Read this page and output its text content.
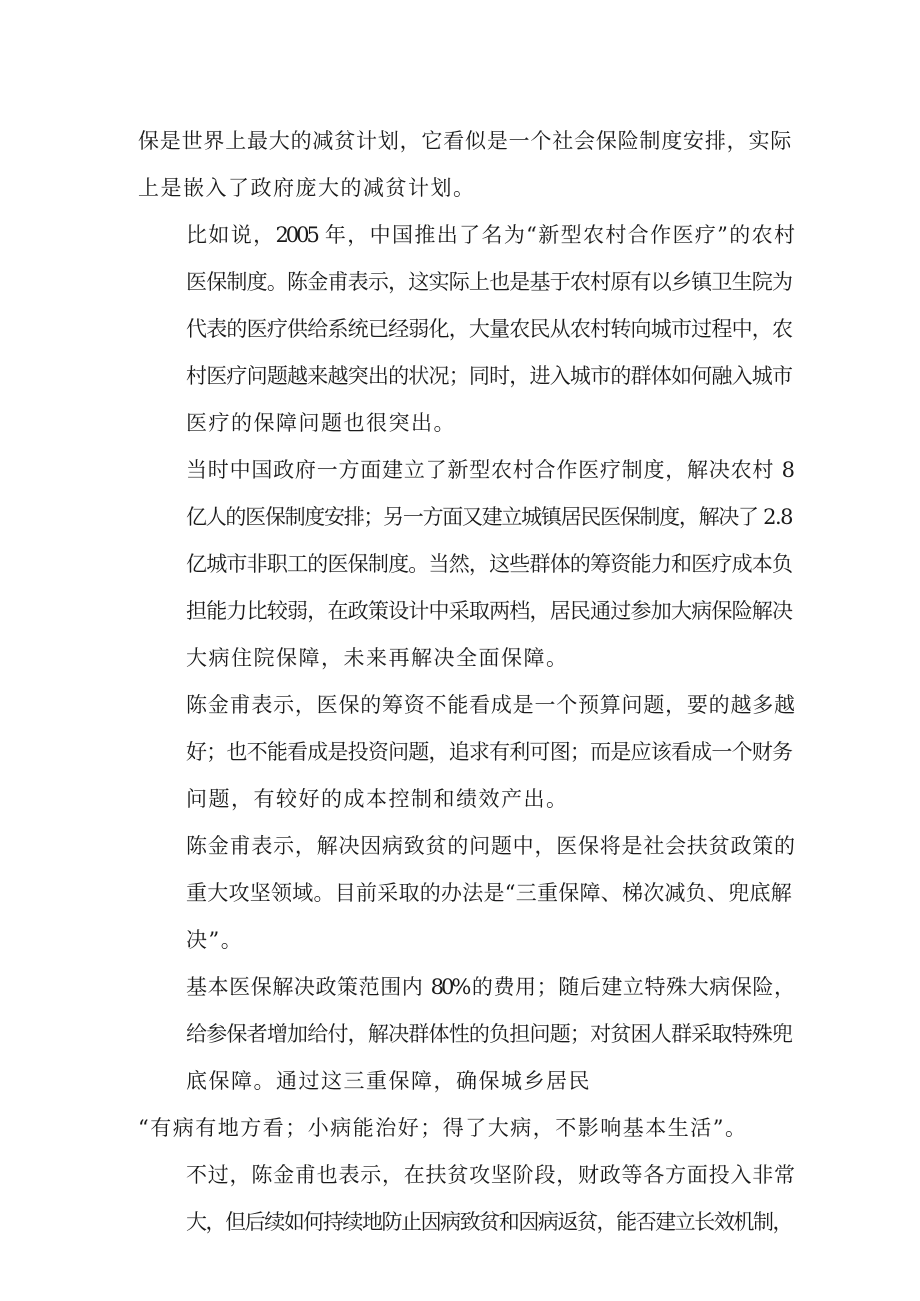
保是世界上最大的减贫计划，它看似是一个社会保险制度安排，实际
上是嵌入了政府庞大的减贫计划。

比如说，2005 年，中国推出了名为“新型农村合作医疗”的农村
医保制度。陈金甫表示，这实际上也是基于农村原有以乡镇卫生院为
代表的医疗供给系统已经弱化，大量农民从农村转向城市过程中，农
村医疗问题越来越突出的状况；同时，进入城市的群体如何融入城市
医疗的保障问题也很突出。

当时中国政府一方面建立了新型农村合作医疗制度，解决农村 8
亿人的医保制度安排；另一方面又建立城镇居民医保制度，解决了 2.8
亿城市非职工的医保制度。当然，这些群体的筹资能力和医疗成本负
担能力比较弱，在政策设计中采取两档，居民通过参加大病保险解决
大病住院保障，未来再解决全面保障。

陈金甫表示，医保的筹资不能看成是一个预算问题，要的越多越
好；也不能看成是投资问题，追求有利可图；而是应该看成一个财务
问题，有较好的成本控制和绩效产出。

陈金甫表示，解决因病致贫的问题中，医保将是社会扶贫政策的
重大攻坚领域。目前采取的办法是“三重保障、梯次减负、兜底解
决”。

基本医保解决政策范围内 80%的费用；随后建立特殊大病保险，
给参保者增加给付，解决群体性的负担问题；对贫困人群采取特殊兜
底保障。通过这三重保障，确保城乡居民

“有病有地方看；小病能治好；得了大病，不影响基本生活”。

不过，陈金甫也表示，在扶贫攻坚阶段，财政等各方面投入非常
大，但后续如何持续地防止因病致贫和因病返贫，能否建立长效机制，
